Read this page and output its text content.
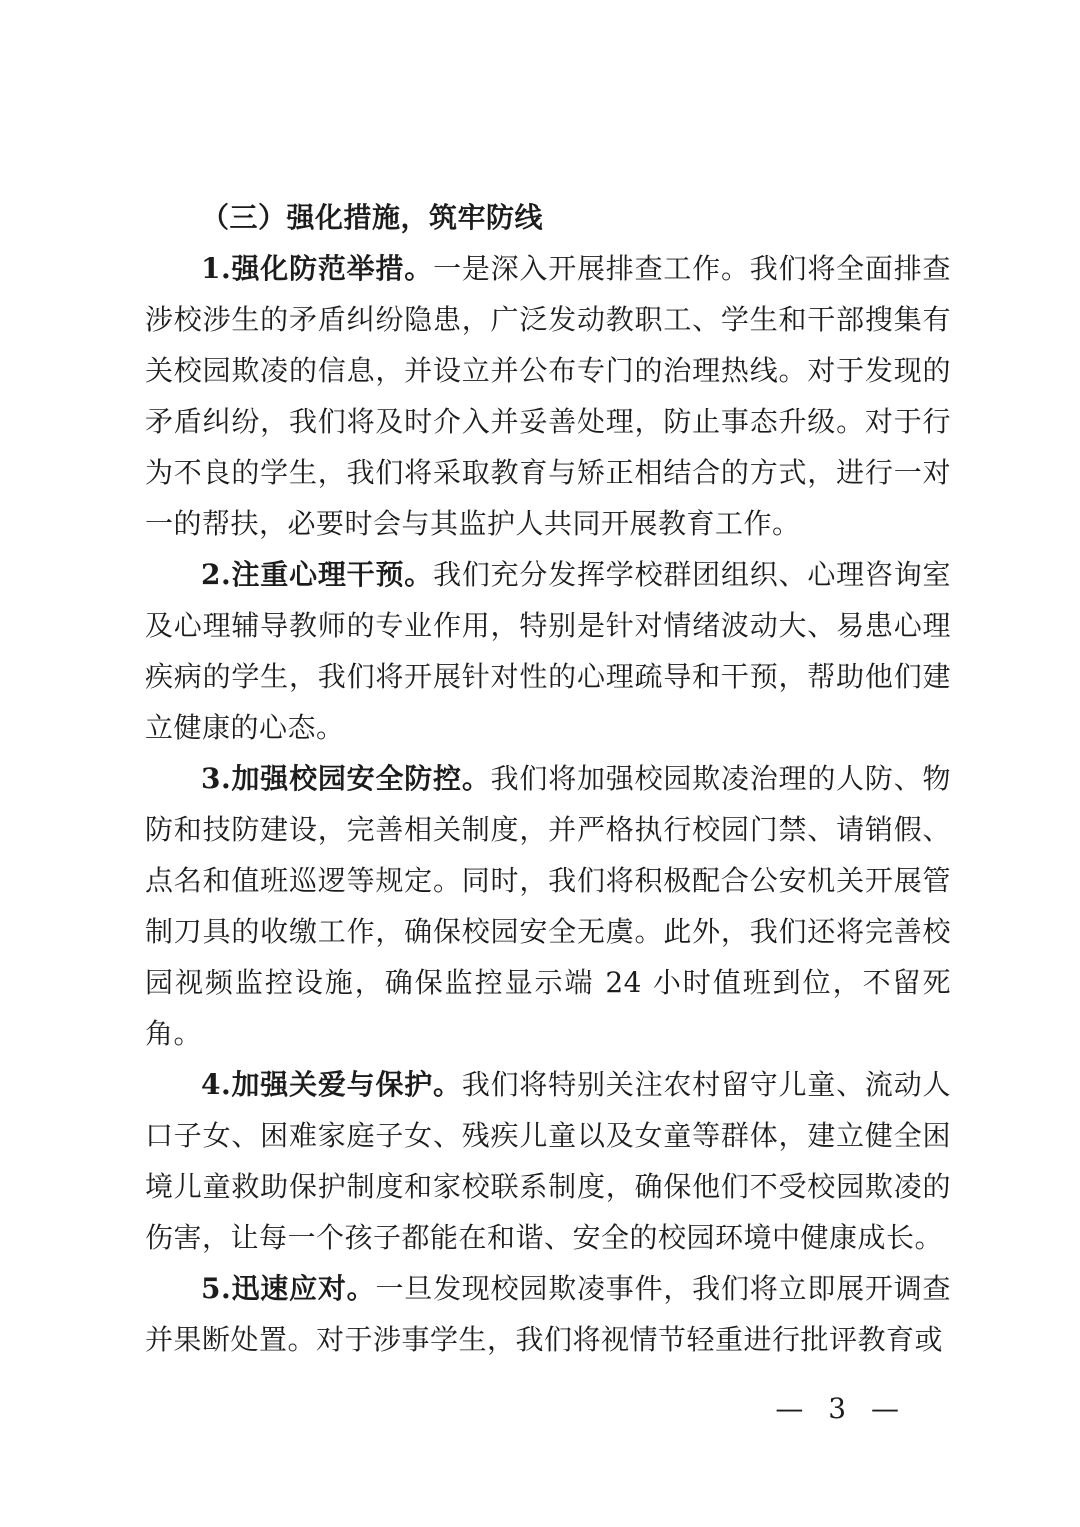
（三）强化措施，筑牢防线

1.强化防范举措。一是深入开展排查工作。我们将全面排查涉校涉生的矛盾纠纷隐患，广泛发动教职工、学生和干部搜集有关校园欺凌的信息，并设立并公布专门的治理热线。对于发现的矛盾纠纷，我们将及时介入并妥善处理，防止事态升级。对于行为不良的学生，我们将采取教育与矫正相结合的方式，进行一对一的帮扶，必要时会与其监护人共同开展教育工作。

2.注重心理干预。我们充分发挥学校群团组织、心理咨询室及心理辅导教师的专业作用，特别是针对情绪波动大、易患心理疾病的学生，我们将开展针对性的心理疏导和干预，帮助他们建立健康的心态。

3.加强校园安全防控。我们将加强校园欺凌治理的人防、物防和技防建设，完善相关制度，并严格执行校园门禁、请销假、点名和值班巡逻等规定。同时，我们将积极配合公安机关开展管制刀具的收缴工作，确保校园安全无虞。此外，我们还将完善校园视频监控设施，确保监控显示端 24 小时值班到位，不留死角。

4.加强关爱与保护。我们将特别关注农村留守儿童、流动人口子女、困难家庭子女、残疾儿童以及女童等群体，建立健全困境儿童救助保护制度和家校联系制度，确保他们不受校园欺凌的伤害，让每一个孩子都能在和谐、安全的校园环境中健康成长。

5.迅速应对。一旦发现校园欺凌事件，我们将立即展开调查并果断处置。对于涉事学生，我们将视情节轻重进行批评教育或

— 3 —
